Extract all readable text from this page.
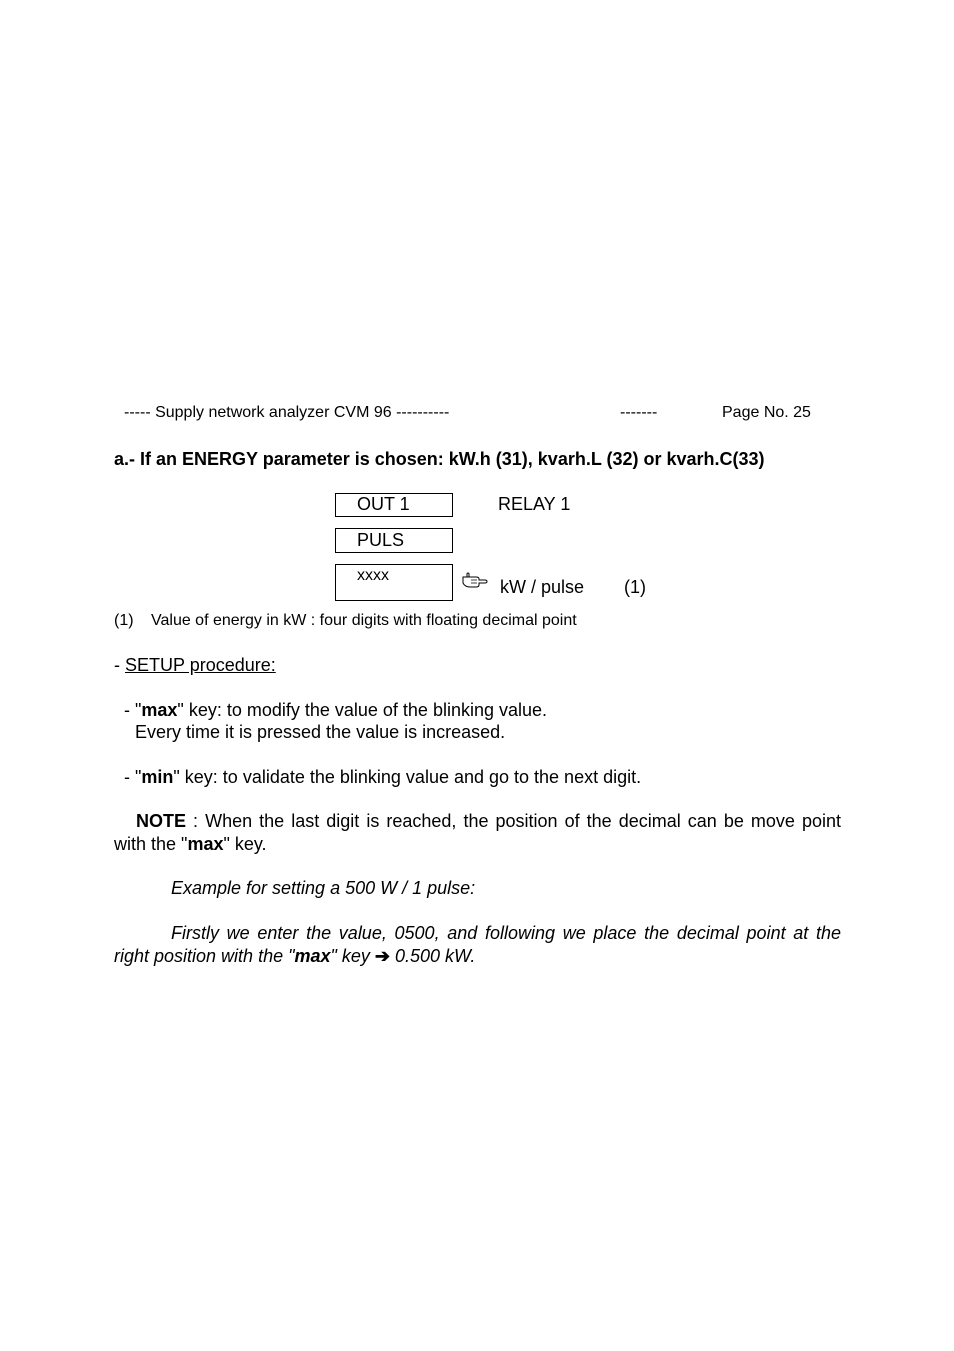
----- Supply network analyzer CVM 96 ----------	-------	Page No. 25
a.- If an ENERGY parameter is chosen: kW.h (31), kvarh.L (32) or kvarh.C(33)
OUT 1	RELAY 1
PULS
xxxx
kW / pulse (1)
(1) Value of energy in kW : four digits with floating decimal point
- SETUP procedure:
- "max" key: to modify the value of the blinking value.
Every time it is pressed the value is increased.
- "min" key: to validate the blinking value and go to the next digit.
NOTE : When the last digit is reached, the position of the decimal can be move point with the "max" key.
Example for setting a 500 W / 1 pulse:
Firstly we enter the value, 0500, and following we place the decimal point at the right position with the "max" key ➔ 0.500 kW.
